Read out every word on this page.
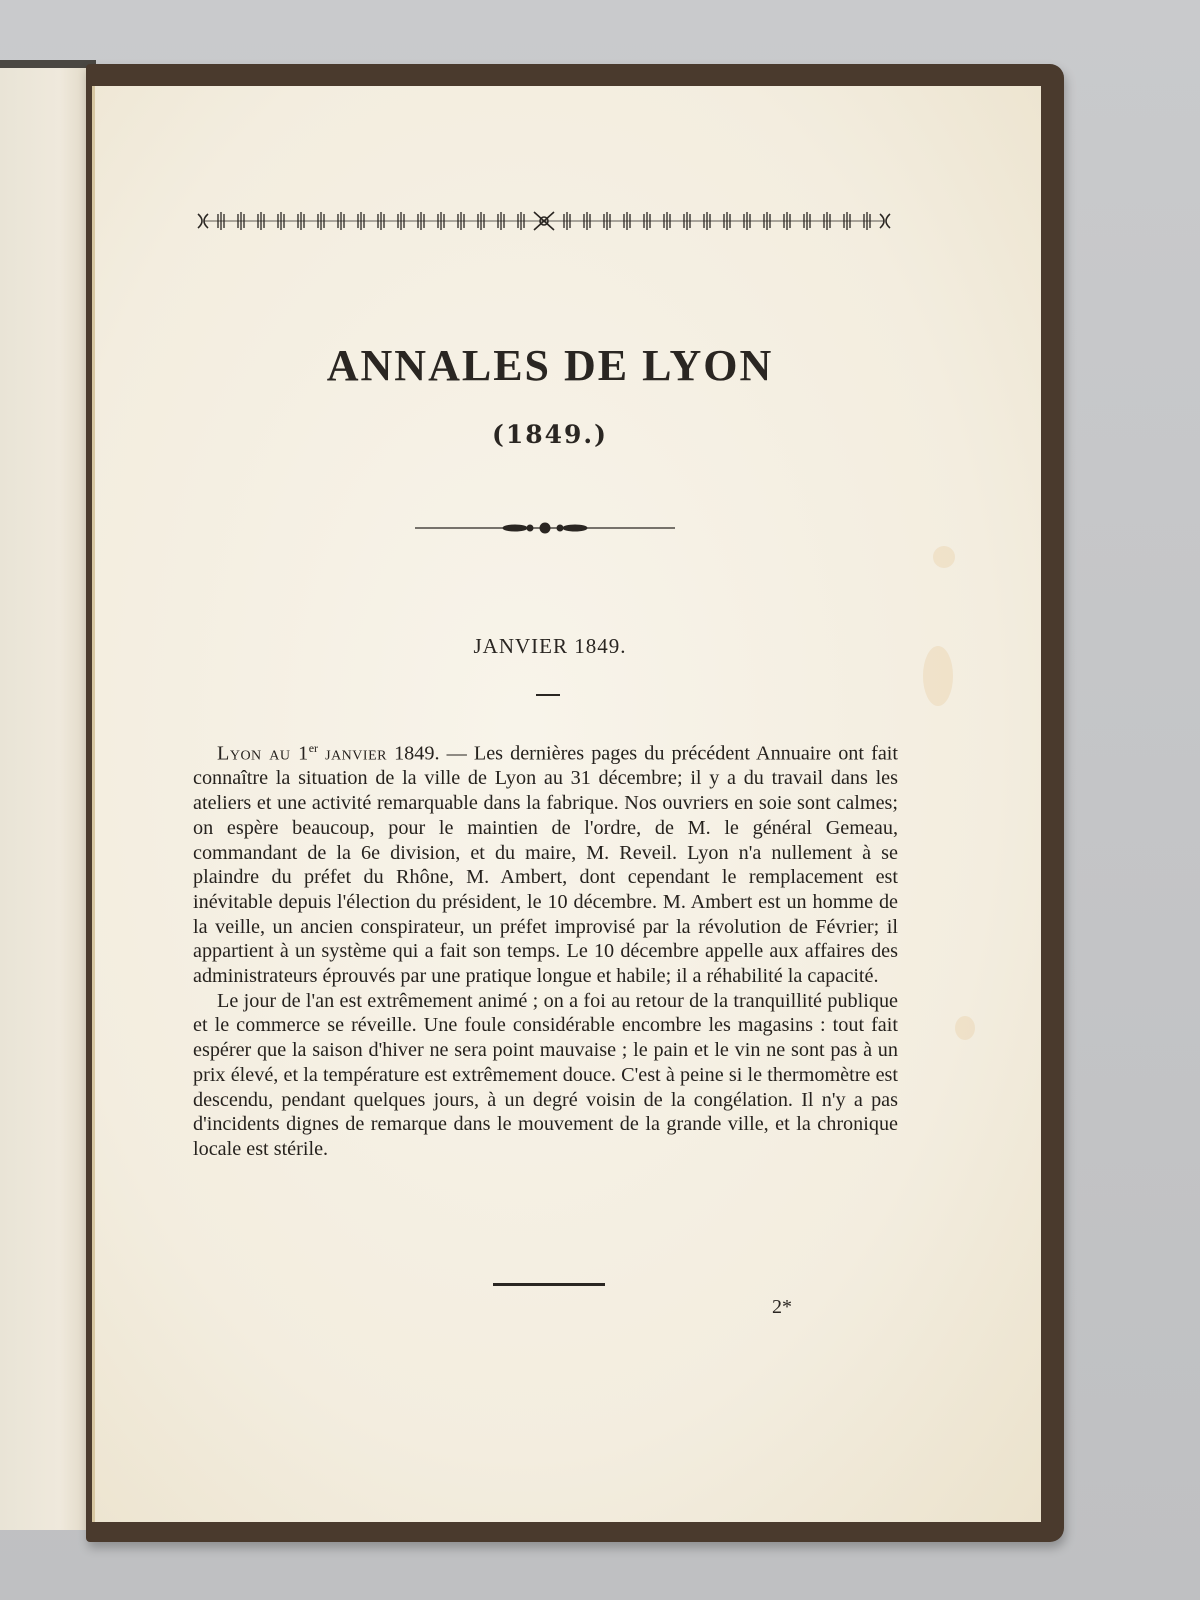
ANNALES DE LYON
(1849.)
JANVIER 1849.

Lyon au 1er janvier 1849. — Les dernières pages du précédent Annuaire ont fait connaître la situation de la ville de Lyon au 31 décembre; il y a du travail dans les ateliers et une activité remarquable dans la fabrique. Nos ouvriers en soie sont calmes; on espère beaucoup, pour le maintien de l'ordre, de M. le général Gemeau, commandant de la 6e division, et du maire, M. Reveil. Lyon n'a nullement à se plaindre du préfet du Rhône, M. Ambert, dont cependant le remplacement est inévitable depuis l'élection du président, le 10 décembre. M. Ambert est un homme de la veille, un ancien conspirateur, un préfet improvisé par la révolution de Février; il appartient à un système qui a fait son temps. Le 10 décembre appelle aux affaires des administrateurs éprouvés par une pratique longue et habile; il a réhabilité la capacité.

Le jour de l'an est extrêmement animé ; on a foi au retour de la tranquillité publique et le commerce se réveille. Une foule considérable encombre les magasins : tout fait espérer que la saison d'hiver ne sera point mauvaise ; le pain et le vin ne sont pas à un prix élevé, et la température est extrêmement douce. C'est à peine si le thermomètre est descendu, pendant quelques jours, à un degré voisin de la congélation. Il n'y a pas d'incidents dignes de remarque dans le mouvement de la grande ville, et la chronique locale est stérile.

2*
